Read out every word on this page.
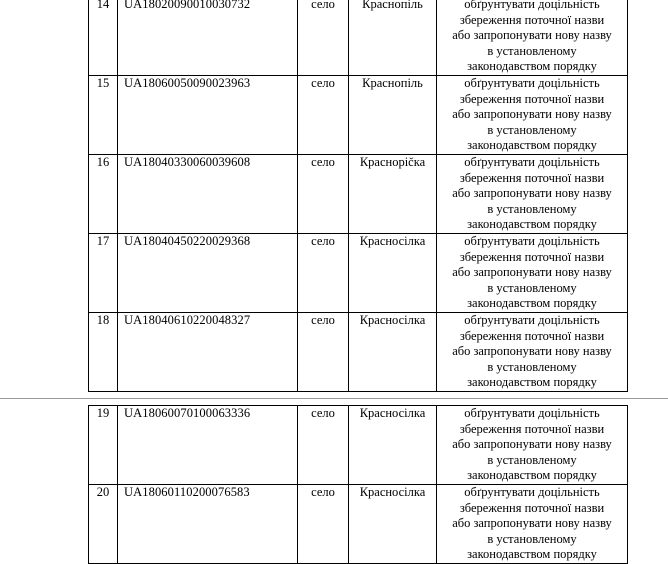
14	UA18020090010030732	село	Краснопіль	обґрунтувати доцільність
збереження поточної назви
або запропонувати нову назву
в установленому
законодавством порядку

15	UA18060050090023963	село	Краснопіль	обґрунтувати доцільність
збереження поточної назви
або запропонувати нову назву
в установленому
законодавством порядку

16	UA18040330060039608	село	Красноріčка	обґрунтувати доцільність
збереження поточної назви
або запропонувати нову назву
в установленому
законодавством порядку

17	UA18040450220029368	село	Красносілка	обґрунтувати доцільність
збереження поточної назви
або запропонувати нову назву
в установленому
законодавством порядку

18	UA18040610220048327	село	Красносілка	обґрунтувати доцільність
збереження поточної назви
або запропонувати нову назву
в установленому
законодавством порядку
19	UA18060070100063336	село	Красносілка	обґрунтувати доцільність
збереження поточної назви
або запропонувати нову назву
в установленому
законодавством порядку

20	UA18060110200076583	село	Красносілка	обґрунтувати доцільність
збереження поточної назви
або запропонувати нову назву
в установленому
законодавством порядку
